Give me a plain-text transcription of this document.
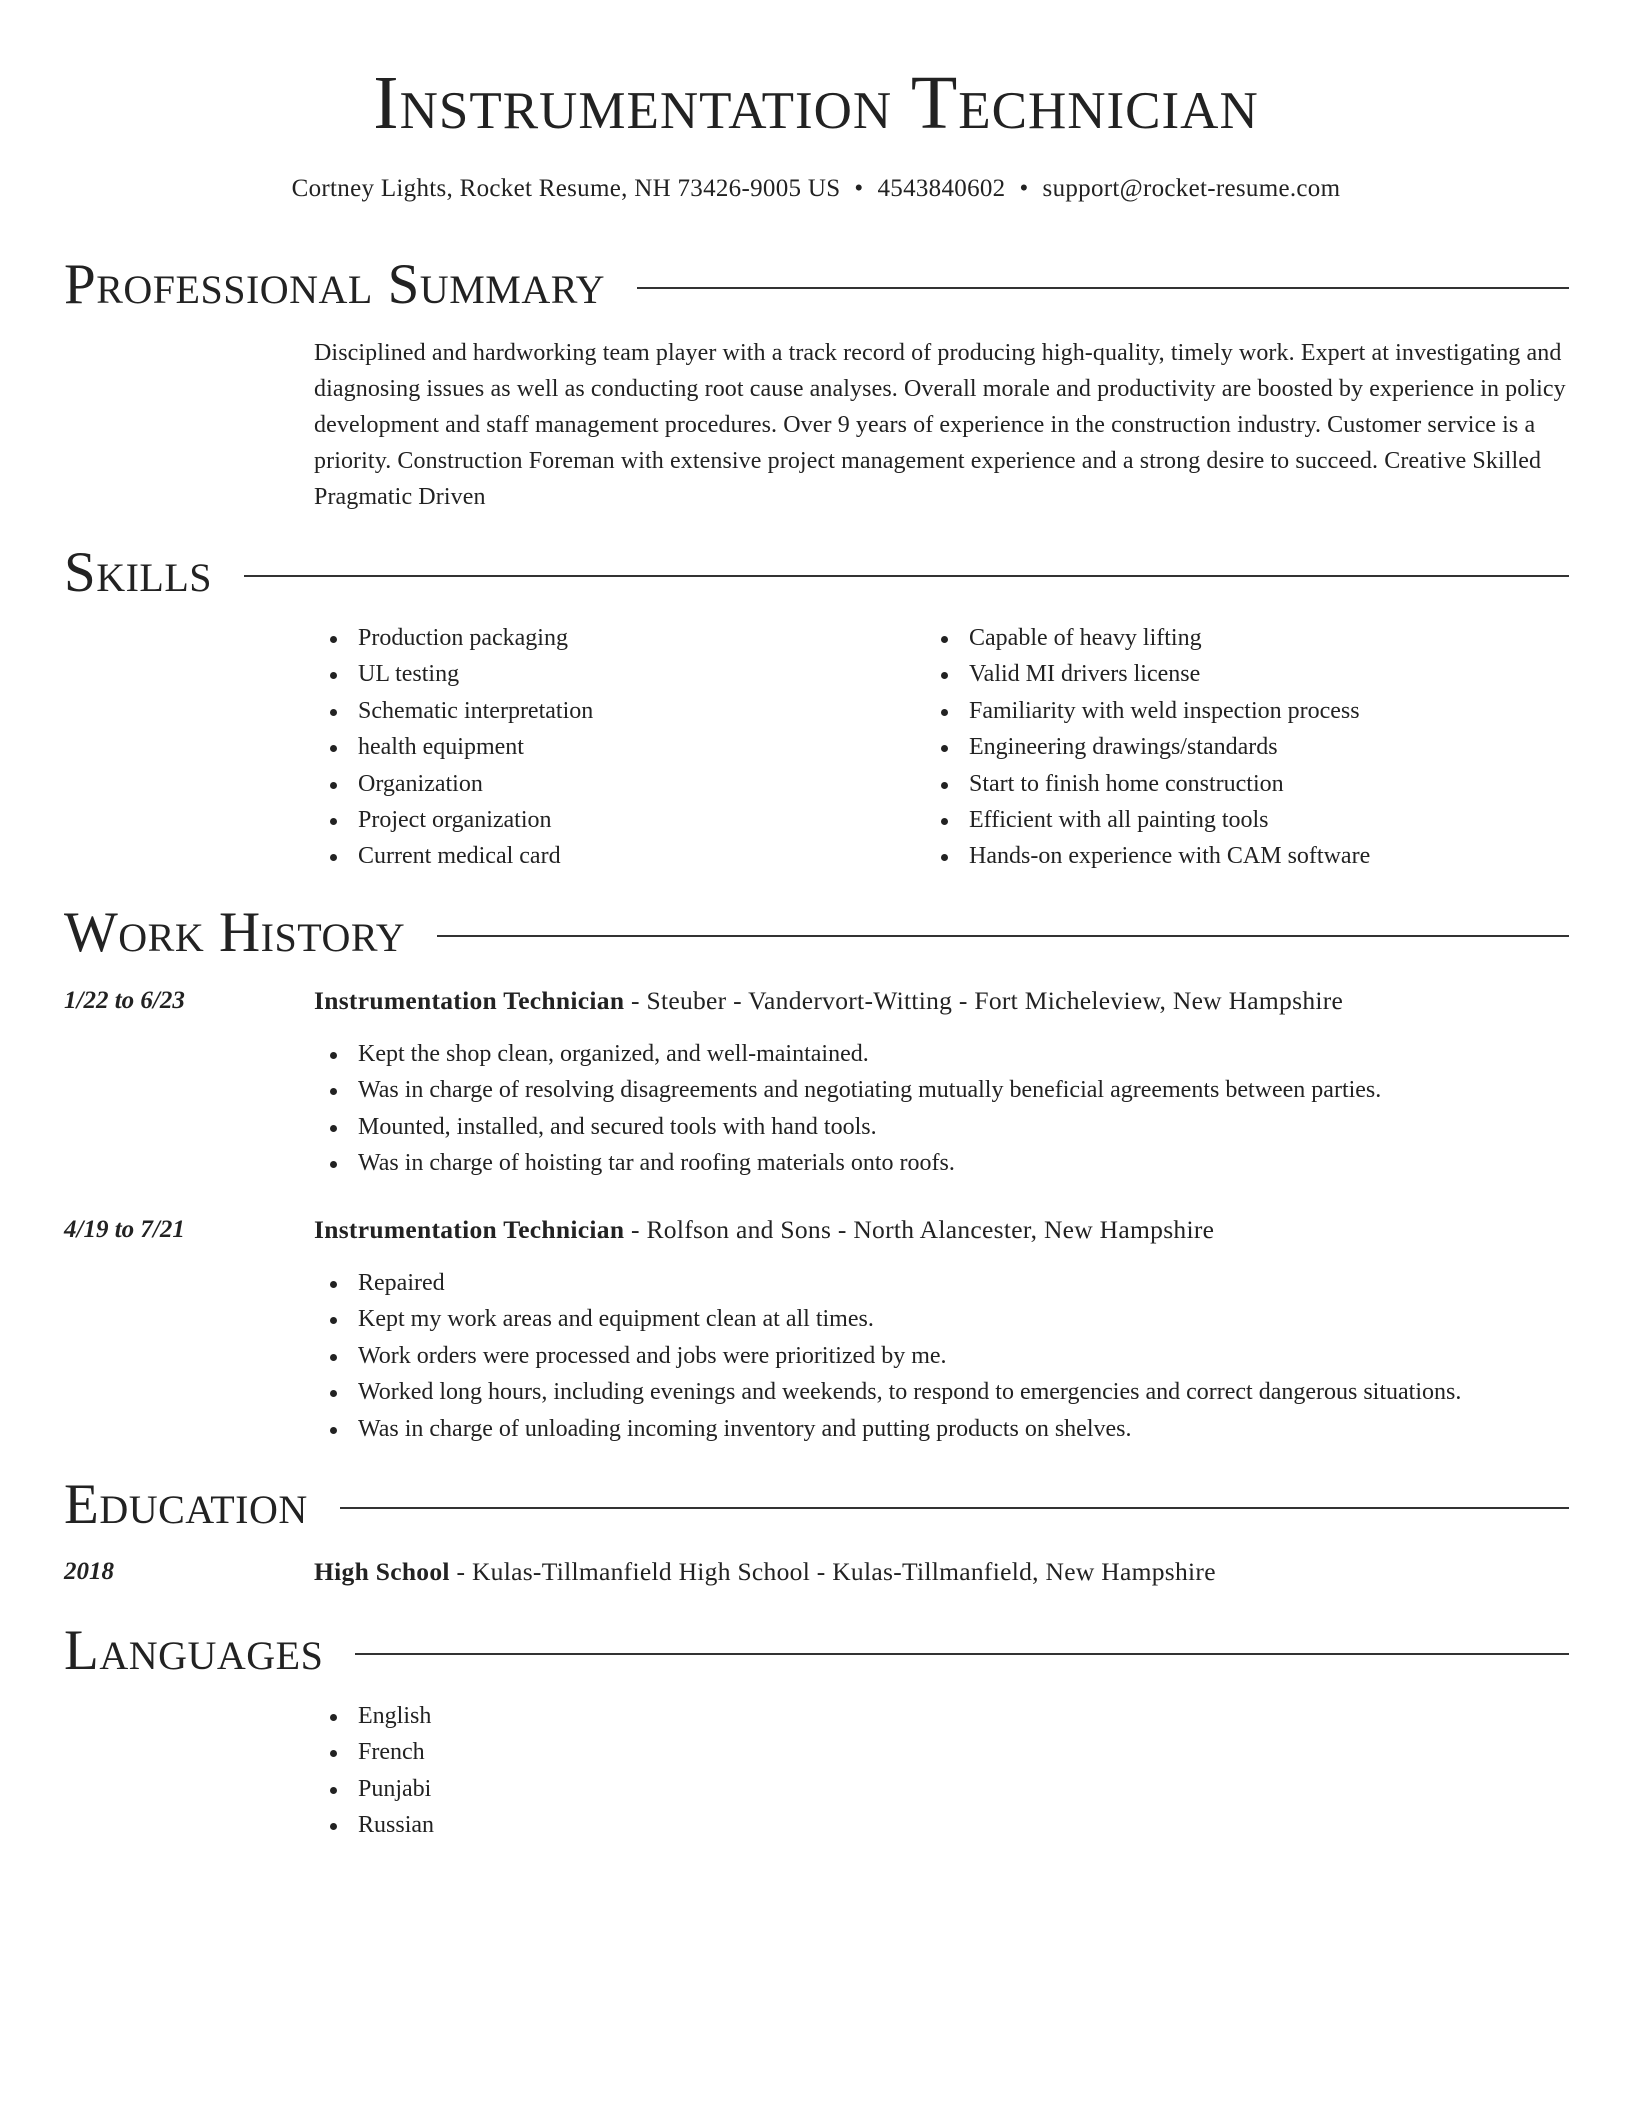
Instrumentation Technician
Cortney Lights, Rocket Resume, NH 73426-9005 US • 4543840602 • support@rocket-resume.com
Professional Summary
Disciplined and hardworking team player with a track record of producing high-quality, timely work. Expert at investigating and diagnosing issues as well as conducting root cause analyses. Overall morale and productivity are boosted by experience in policy development and staff management procedures. Over 9 years of experience in the construction industry. Customer service is a priority. Construction Foreman with extensive project management experience and a strong desire to succeed. Creative Skilled Pragmatic Driven
Skills
Production packaging
UL testing
Schematic interpretation
health equipment
Organization
Project organization
Current medical card
Capable of heavy lifting
Valid MI drivers license
Familiarity with weld inspection process
Engineering drawings/standards
Start to finish home construction
Efficient with all painting tools
Hands-on experience with CAM software
Work History
1/22 to 6/23	Instrumentation Technician - Steuber - Vandervort-Witting - Fort Micheleview, New Hampshire
Kept the shop clean, organized, and well-maintained.
Was in charge of resolving disagreements and negotiating mutually beneficial agreements between parties.
Mounted, installed, and secured tools with hand tools.
Was in charge of hoisting tar and roofing materials onto roofs.
4/19 to 7/21	Instrumentation Technician - Rolfson and Sons - North Alancester, New Hampshire
Repaired
Kept my work areas and equipment clean at all times.
Work orders were processed and jobs were prioritized by me.
Worked long hours, including evenings and weekends, to respond to emergencies and correct dangerous situations.
Was in charge of unloading incoming inventory and putting products on shelves.
Education
2018	High School - Kulas-Tillmanfield High School - Kulas-Tillmanfield, New Hampshire
Languages
English
French
Punjabi
Russian
